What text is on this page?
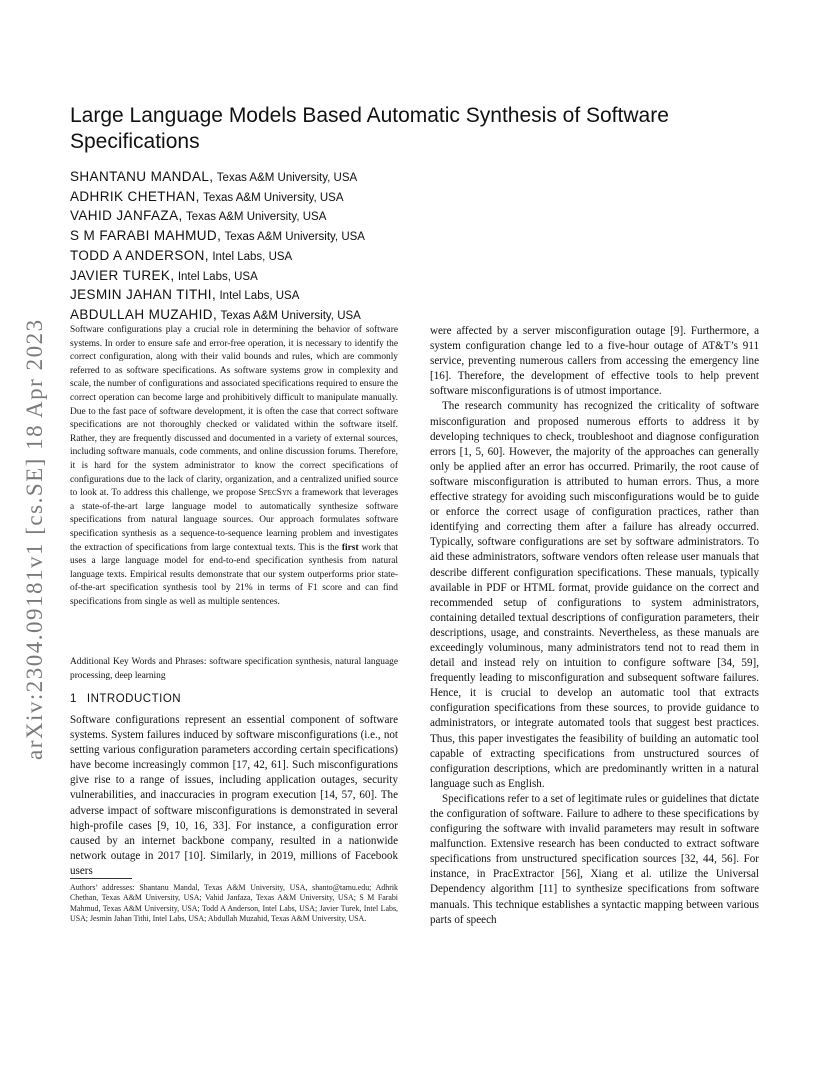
arXiv:2304.09181v1 [cs.SE] 18 Apr 2023
Large Language Models Based Automatic Synthesis of Software Specifications
SHANTANU MANDAL, Texas A&M University, USA
ADHRIK CHETHAN, Texas A&M University, USA
VAHID JANFAZA, Texas A&M University, USA
S M FARABI MAHMUD, Texas A&M University, USA
TODD A ANDERSON, Intel Labs, USA
JAVIER TUREK, Intel Labs, USA
JESMIN JAHAN TITHI, Intel Labs, USA
ABDULLAH MUZAHID, Texas A&M University, USA

Software configurations play a crucial role in determining the behavior of software systems. In order to ensure safe and error-free operation, it is necessary to identify the correct configuration, along with their valid bounds and rules, which are commonly referred to as software specifications. As software systems grow in complexity and scale, the number of configurations and associated specifications required to ensure the correct operation can become large and prohibitively difficult to manipulate manually. Due to the fast pace of software development, it is often the case that correct software specifications are not thoroughly checked or validated within the software itself. Rather, they are frequently discussed and documented in a variety of external sources, including software manuals, code comments, and online discussion forums. Therefore, it is hard for the system administrator to know the correct specifications of configurations due to the lack of clarity, organization, and a centralized unified source to look at. To address this challenge, we propose SpecSyn a framework that leverages a state-of-the-art large language model to automatically synthesize software specifications from natural language sources. Our approach formulates software specification synthesis as a sequence-to-sequence learning problem and investigates the extraction of specifications from large contextual texts. This is the first work that uses a large language model for end-to-end specification synthesis from natural language texts. Empirical results demonstrate that our system outperforms prior state-of-the-art specification synthesis tool by 21% in terms of F1 score and can find specifications from single as well as multiple sentences.

Additional Key Words and Phrases: software specification synthesis, natural language processing, deep learning

1 INTRODUCTION

Software configurations represent an essential component of software systems. System failures induced by software misconfigurations (i.e., not setting various configuration parameters according certain specifications) have become increasingly common [17, 42, 61]. Such misconfigurations give rise to a range of issues, including application outages, security vulnerabilities, and inaccuracies in program execution [14, 57, 60]. The adverse impact of software misconfigurations is demonstrated in several high-profile cases [9, 10, 16, 33]. For instance, a configuration error caused by an internet backbone company, resulted in a nationwide network outage in 2017 [10]. Similarly, in 2019, millions of Facebook users

Authors’ addresses: Shantanu Mandal, Texas A&M University, USA, shanto@tamu.edu; Adhrik Chethan, Texas A&M University, USA; Vahid Janfaza, Texas A&M University, USA; S M Farabi Mahmud, Texas A&M University, USA; Todd A Anderson, Intel Labs, USA; Javier Turek, Intel Labs, USA; Jesmin Jahan Tithi, Intel Labs, USA; Abdullah Muzahid, Texas A&M University, USA.

were affected by a server misconfiguration outage [9]. Furthermore, a system configuration change led to a five-hour outage of AT&T’s 911 service, preventing numerous callers from accessing the emergency line [16]. Therefore, the development of effective tools to help prevent software misconfigurations is of utmost importance.

The research community has recognized the criticality of software misconfiguration and proposed numerous efforts to address it by developing techniques to check, troubleshoot and diagnose configuration errors [1, 5, 60]. However, the majority of the approaches can generally only be applied after an error has occurred. Primarily, the root cause of software misconfiguration is attributed to human errors. Thus, a more effective strategy for avoiding such misconfigurations would be to guide or enforce the correct usage of configuration practices, rather than identifying and correcting them after a failure has already occurred. Typically, software configurations are set by software administrators. To aid these administrators, software vendors often release user manuals that describe different configuration specifications. These manuals, typically available in PDF or HTML format, provide guidance on the correct and recommended setup of configurations to system administrators, containing detailed textual descriptions of configuration parameters, their descriptions, usage, and constraints. Nevertheless, as these manuals are exceedingly voluminous, many administrators tend not to read them in detail and instead rely on intuition to configure software [34, 59], frequently leading to misconfiguration and subsequent software failures. Hence, it is crucial to develop an automatic tool that extracts configuration specifications from these sources, to provide guidance to administrators, or integrate automated tools that suggest best practices. Thus, this paper investigates the feasibility of building an automatic tool capable of extracting specifications from unstructured sources of configuration descriptions, which are predominantly written in a natural language such as English.

Specifications refer to a set of legitimate rules or guidelines that dictate the configuration of software. Failure to adhere to these specifications by configuring the software with invalid parameters may result in software malfunction. Extensive research has been conducted to extract software specifications from unstructured specification sources [32, 44, 56]. For instance, in PracExtractor [56], Xiang et al. utilize the Universal Dependency algorithm [11] to synthesize specifications from software manuals. This technique establishes a syntactic mapping between various parts of speech
